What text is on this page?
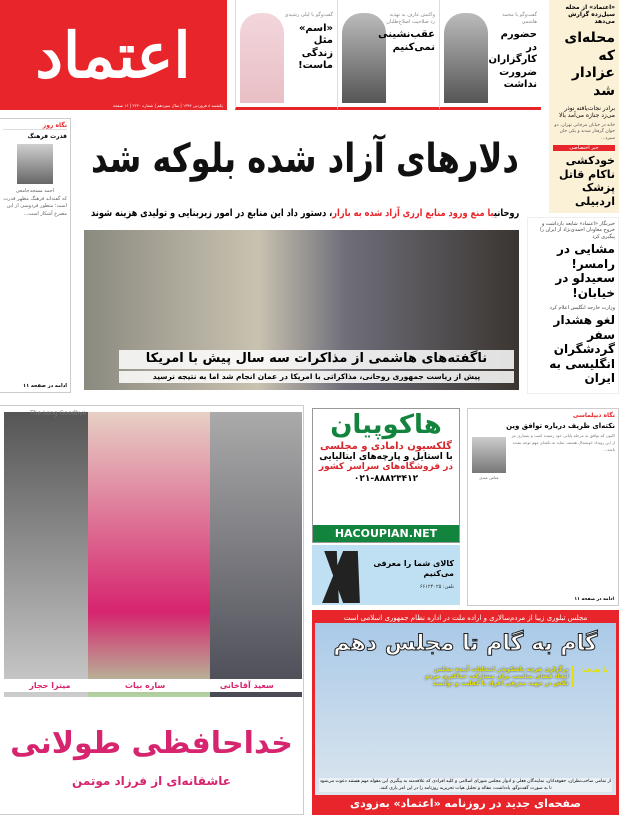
اعتماد
یکشنبه ۸ فروردین ۱۳۹۴ | سال سیزدهم | شماره ۳۲۴۰ | ۱۶ صفحه
گفت‌وگو با محمد هاشمی
حضورم در کارگزاران ضرورت نداشت
واکنش عارف به تهدید رد صلاحیت اصلاح‌طلبان
عقب‌نشینی نمی‌کنیم
گفت‌وگو با لیلی رشیدی
«اسم» مثل زندگی ماست!
«اعتماد» از محله سیل‌زده گزارش می‌دهد
محله‌ای که عزادار شد
برادر نجات‌یافته نوذر می‌زد جنازه می‌آمد بالا
خانه در خیابان مرجانی تهران. دو جوان گرفتار شدند و یکی جان سپرد...
خبر اختصاصی
خودکشی ناکام قاتل پزشک اردبیلی
خبرنگار «اعتماد» شایعه بازداشت و خروج معاونان احمدی‌نژاد از ایران را پیگیری کرد
مشایی در رامسر! سعیدلو در خیابان!
وزارت خارجه انگلیس اعلام کرد
لغو هشدار سفر گردشگران انگلیسی به ایران
نگاه روز
قدرت فرهنگ
احمد مسجدجامعی
که گفته‌اند فرهنگ مظهر قدرت است؛ منظور فردوسی از این مصرع آشکار است...
ادامه در صفحه ۱۱
دلارهای آزاد شده بلوکه شد
روحانیبا منع ورود منابع ارزی آزاد شده به بازار، دستور داد این منابع در امور زیربنایی و تولیدی هزینه شوند
ناگفته‌های هاشمی از مذاکرات سه سال پیش با امریکا
پیش از ریاست جمهوری روحانی، مذاکراتی با امریکا در عمان انجام شد اما به نتیجه نرسید
The Long Goodbye
سعید آقاخانی
ساره بیات
میترا حجار
خداحافظی طولانی
عاشقانه‌ای از فرزاد موتمن
هاکوپیان
گلکسیون دامادی و مجلسی
با استایل و پارچه‌های ایتالیایی
در فروشگاه‌های سراسر کشور
۰۲۱-۸۸۸۲۳۴۱۲
HACOUPIAN.NET
کالای شما را معرفی می‌کنیم
تلفن: ۶۶۱۲۴۰۲۵
نگاه دیپلماسی
نکته‌ای ظریف درباره توافق وین
عباس عبدی
اکنون که توافق به مرحله پایانی خود رسیده است و بسیاری نیز از این رویداد خوشحال هستند، شاید به نکته‌ای مهم توجه نشده باشد...
ادامه در صفحه ۱۱
مجلس تبلوری زیبا از مردم‌سالاری و اراده ملت در اداره نظام جمهوری اسلامی است
گام به گام تا مجلس دهم
با هدف:
برگزاری هرچه باشکوه‌تر انتخابات آینده مجلس
ایجاد فضای مناسب برای مشارکت حداکثری مردم
تلاش در جهت معرفی افراد با کفایت و توانمند
از تمامی صاحب‌نظران، حقوقدانان، نمایندگان فعلی و ادوار مجلس شورای اسلامی و کلیه افرادی که علاقه‌مند به پیگیری این مقوله مهم هستند دعوت می‌شود تا به صورت گفت‌وگو، یادداشت، مقاله و تحلیل هیات تحریریه روزنامه را در این امر یاری کنند.
صفحه‌ای جدید در روزنامه «اعتماد» به‌زودی
